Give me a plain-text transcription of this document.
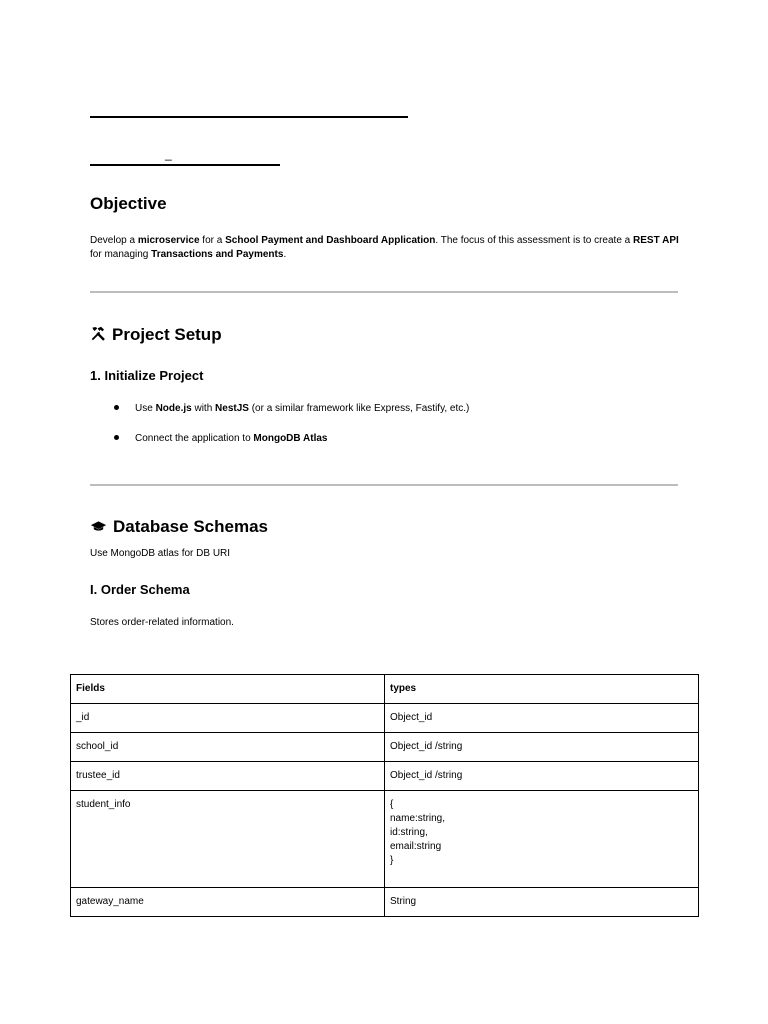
_
Objective
Develop a microservice for a School Payment and Dashboard Application. The focus of this assessment is to create a REST API
for managing Transactions and Payments.
Project Setup
1. Initialize Project
Use Node.js with NestJS (or a similar framework like Express, Fastify, etc.)
Connect the application to MongoDB Atlas
Database Schemas
Use MongoDB atlas for DB URI
I. Order Schema
Stores order-related information.
Fields	types
_id	Object_id

school_id	Object_id /string

trustee_id	Object_id /string

student_info	{
name:string,
id:string,
email:string
}

gateway_name	String
